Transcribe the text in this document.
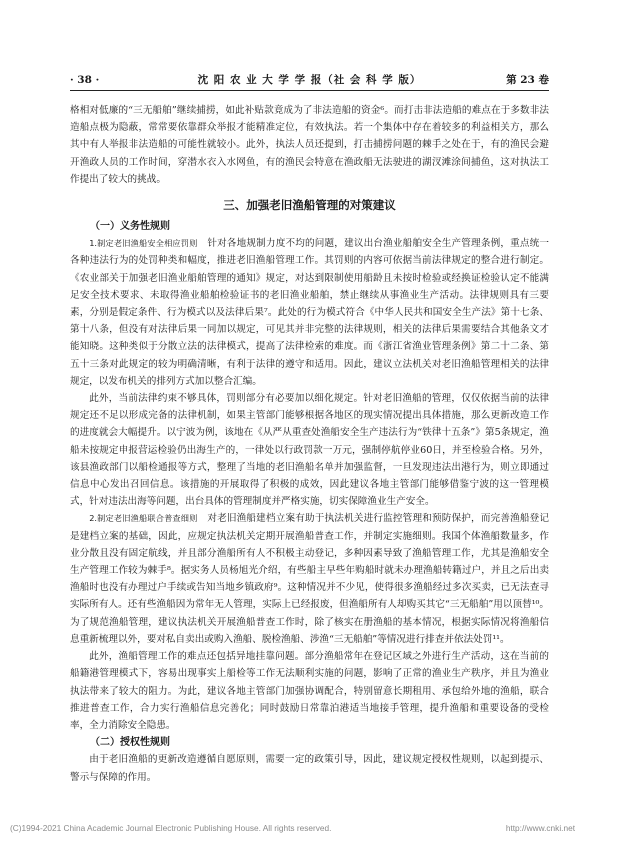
· 38 ·	沈 阳 农 业 大 学 学 报（社 会 科 学 版）	第 23 卷

格相对低廉的“三无船舶”继续捕捞，如此补贴款竟成为了非法造船的资金⁶。而打击非法造船的难点在于多数非法造船点极为隐蔽，常常要依靠群众举报才能精准定位，有效执法。若一个集体中存在着较多的利益相关方，那么其中有人举报非法造船的可能性就较小。此外，执法人员还提到，打击捕捞问题的棘手之处在于，有的渔民会避开渔政人员的工作时间，穿潜水衣入水网鱼，有的渔民会特意在渔政船无法驶进的湖汊滩涂间捕鱼，这对执法工作提出了较大的挑战。

三、加强老旧渔船管理的对策建议

（一）义务性规则

1.制定老旧渔船安全相应罚则　 针对各地规制力度不均的问题，建议出台渔业船舶安全生产管理条例，重点统一各种违法行为的处罚种类和幅度，推进老旧渔船管理工作。其罚则的内容可依据当前法律规定的整合进行制定。《农业部关于加强老旧渔业船舶管理的通知》规定，对达到限制使用船龄且未按时检验或经换证检验认定不能满足安全技术要求、未取得渔业船舶检验证书的老旧渔业船舶，禁止继续从事渔业生产活动。法律规则具有三要素，分别是假定条件、行为模式以及法律后果⁷。此处的行为模式符合《中华人民共和国安全生产法》第十七条、第十八条，但没有对法律后果一同加以规定，可见其并非完整的法律规则，相关的法律后果需要结合其他条文才能知晓。这种类似于分散立法的法律模式，提高了法律检索的难度。而《浙江省渔业管理条例》第二十二条、第五十三条对此规定的较为明确清晰，有利于法律的遵守和适用。因此，建议立法机关对老旧渔船管理相关的法律规定，以发布机关的排列方式加以整合汇编。

此外，当前法律约束不够具体，罚则部分有必要加以细化规定。针对老旧渔船的管理，仅仅依据当前的法律规定还不足以形成完备的法律机制，如果主管部门能够根据各地区的现实情况提出具体措施，那么更新改造工作的进度就会大幅提升。以宁波为例，该地在《从严从重查处渔船安全生产违法行为“铁律十五条”》第5条规定，渔船未按规定申报营运检验仍出海生产的，一律处以行政罚款一万元，强制停航停业60日，并至检验合格。另外，该县渔政部门以船检通报等方式，整理了当地的老旧渔船名单并加强监督，一旦发现违法出港行为，则立即通过信息中心发出召回信息。该措施的开展取得了积极的成效，因此建议各地主管部门能够借鉴宁波的这一管理模式，针对违法出海等问题，出台具体的管理制度并严格实施，切实保障渔业生产安全。

2.制定老旧渔船联合普查细则　 对老旧渔船建档立案有助于执法机关进行监控管理和预防保护，而完善渔船登记是建档立案的基础，因此，应规定执法机关定期开展渔船普查工作，并制定实施细则。我国个体渔船数量多，作业分散且没有固定航线，并且部分渔船所有人不积极主动登记，多种因素导致了渔船管理工作，尤其是渔船安全生产管理工作较为棘手⁸。据实务人员杨旭光介绍，有些船主早些年购船时就未办理渔船转籍过户，并且之后出卖渔船时也没有办理过户手续或告知当地乡镇政府⁹。这种情况并不少见，使得很多渔船经过多次买卖，已无法查寻实际所有人。还有些渔船因为常年无人管理，实际上已经报废，但渔船所有人却购买其它“三无船舶”用以顶替¹⁰。为了规范渔船管理，建议执法机关开展渔船普查工作时，除了核实在册渔船的基本情况，根据实际情况将渔船信息重新梳理以外，要对私自卖出或购入渔船、脱检渔船、涉渔“三无船舶”等情况进行排查并依法处罚¹¹。

此外，渔船管理工作的难点还包括异地挂靠问题。部分渔船常年在登记区域之外进行生产活动，这在当前的船籍港管理模式下，容易出现事实上船检等工作无法顺利实施的问题，影响了正常的渔业生产秩序，并且为渔业执法带来了较大的阻力。为此，建议各地主管部门加强协调配合，特别留意长期租用、承包给外地的渔船，联合推进普查工作，合力实行渔船信息完善化；同时鼓励日常靠泊港适当地接手管理，提升渔船和重要设备的受检率，全力消除安全隐患。

（二）授权性规则

由于老旧渔船的更新改造遵循自愿原则，需要一定的政策引导，因此，建议规定授权性规则，以起到提示、警示与保障的作用。

(C)1994-2021 China Academic Journal Electronic Publishing House. All rights reserved.	http://www.cnki.net
